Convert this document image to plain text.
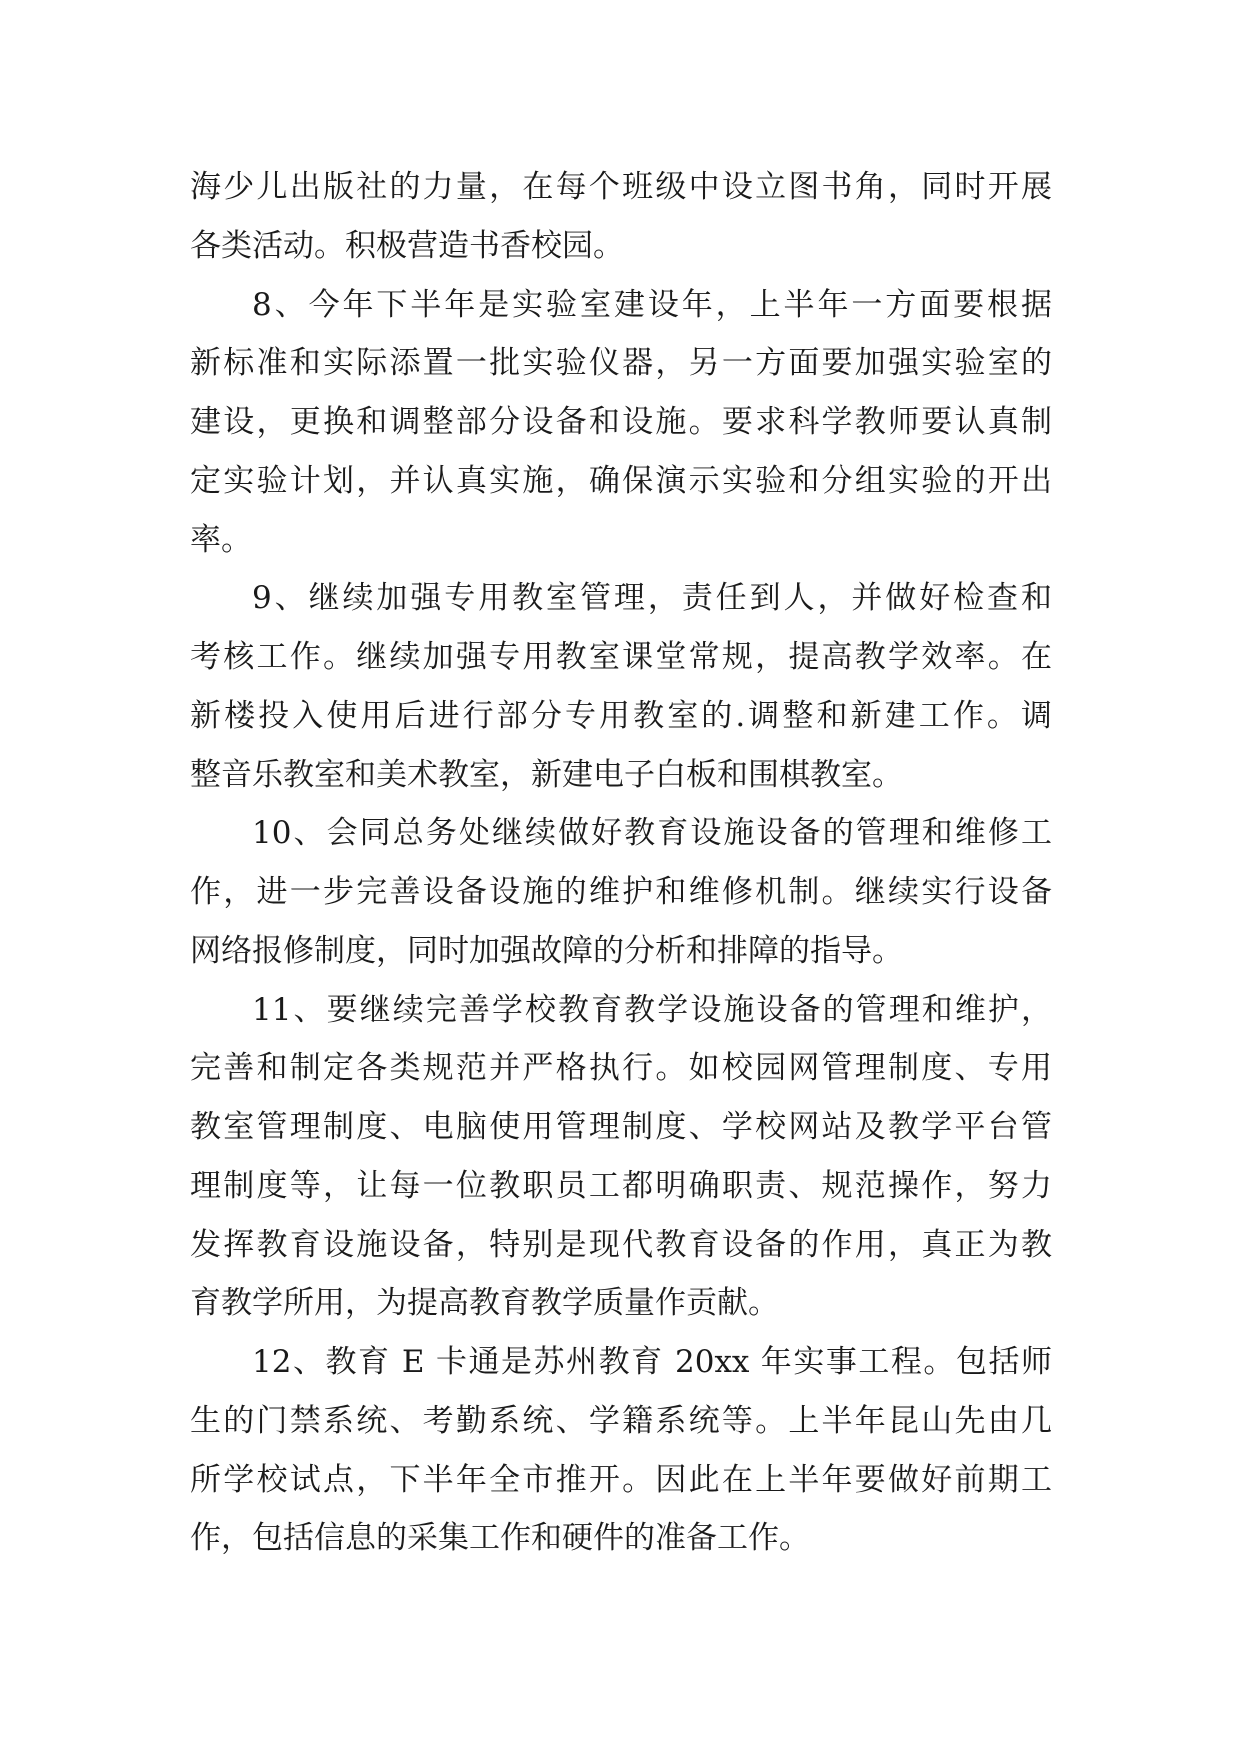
海少儿出版社的力量，在每个班级中设立图书角，同时开展
各类活动。积极营造书香校园。
8、今年下半年是实验室建设年，上半年一方面要根据
新标准和实际添置一批实验仪器，另一方面要加强实验室的
建设，更换和调整部分设备和设施。要求科学教师要认真制
定实验计划，并认真实施，确保演示实验和分组实验的开出
率。
9、继续加强专用教室管理，责任到人，并做好检查和
考核工作。继续加强专用教室课堂常规，提高教学效率。在
新楼投入使用后进行部分专用教室的.调整和新建工作。调
整音乐教室和美术教室，新建电子白板和围棋教室。
10、会同总务处继续做好教育设施设备的管理和维修工
作，进一步完善设备设施的维护和维修机制。继续实行设备
网络报修制度，同时加强故障的分析和排障的指导。
11、要继续完善学校教育教学设施设备的管理和维护，
完善和制定各类规范并严格执行。如校园网管理制度、专用
教室管理制度、电脑使用管理制度、学校网站及教学平台管
理制度等，让每一位教职员工都明确职责、规范操作，努力
发挥教育设施设备，特别是现代教育设备的作用，真正为教
育教学所用，为提高教育教学质量作贡献。
12、教育 E 卡通是苏州教育 20xx 年实事工程。包括师
生的门禁系统、考勤系统、学籍系统等。上半年昆山先由几
所学校试点，下半年全市推开。因此在上半年要做好前期工
作，包括信息的采集工作和硬件的准备工作。
